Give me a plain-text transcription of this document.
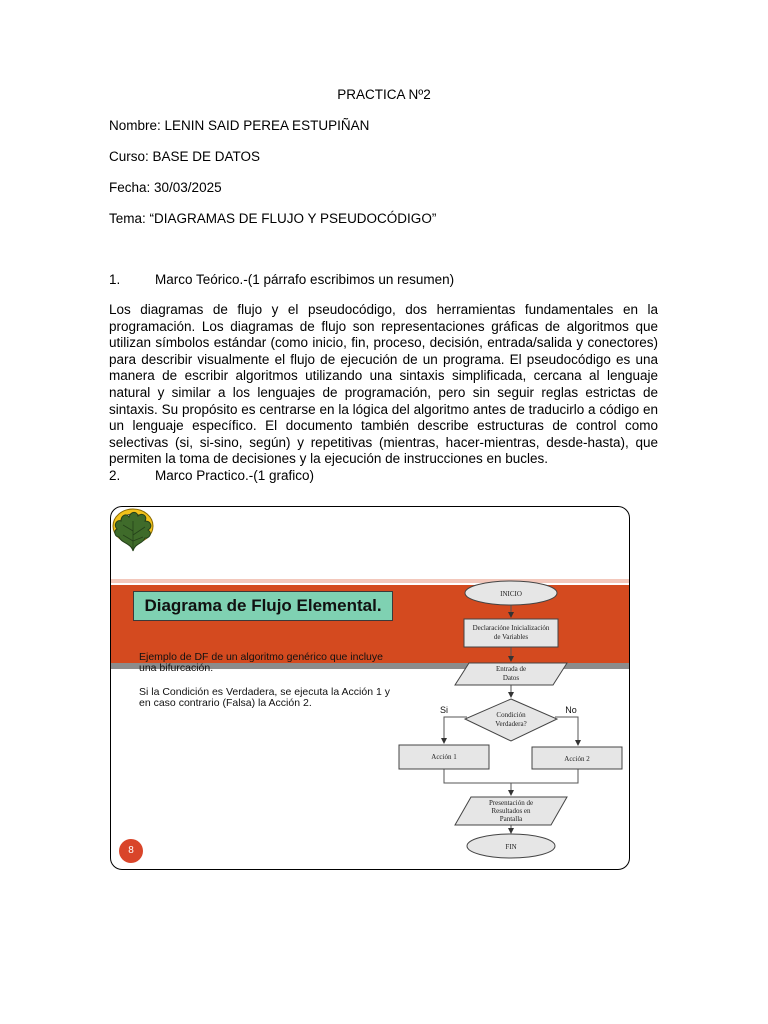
PRACTICA Nº2
Nombre: LENIN SAID PEREA ESTUPIÑAN
Curso: BASE DE DATOS
Fecha: 30/03/2025
Tema: “DIAGRAMAS DE FLUJO Y PSEUDOCÓDIGO”
1.	Marco Teórico.-(1 párrafo escribimos un resumen)
Los diagramas de flujo y el pseudocódigo, dos herramientas fundamentales en la programación. Los diagramas de flujo son representaciones gráficas de algoritmos que utilizan símbolos estándar (como inicio, fin, proceso, decisión, entrada/salida y conectores) para describir visualmente el flujo de ejecución de un programa. El pseudocódigo es una manera de escribir algoritmos utilizando una sintaxis simplificada, cercana al lenguaje natural y similar a los lenguajes de programación, pero sin seguir reglas estrictas de sintaxis. Su propósito es centrarse en la lógica del algoritmo antes de traducirlo a código en un lenguaje específico. El documento también describe estructuras de control como selectivas (si, si-sino, según) y repetitivas (mientras, hacer-mientras, desde-hasta), que permiten la toma de decisiones y la ejecución de instrucciones en bucles.
2.	Marco Practico.-(1 grafico)
Diagrama de Flujo Elemental.
Ejemplo de DF de un algoritmo genérico que incluye
una bifurcación.
Si la Condición es Verdadera, se ejecuta la Acción 1 y
en caso contrario (Falsa) la Acción 2.
INICIO
Declaracióne Inicialización
de Variables
Entrada de
Datos
Condición
Verdadera?
Si	No
Acción 1	Acción 2
Presentación de
Resultados en
Pantalla
FIN
8
